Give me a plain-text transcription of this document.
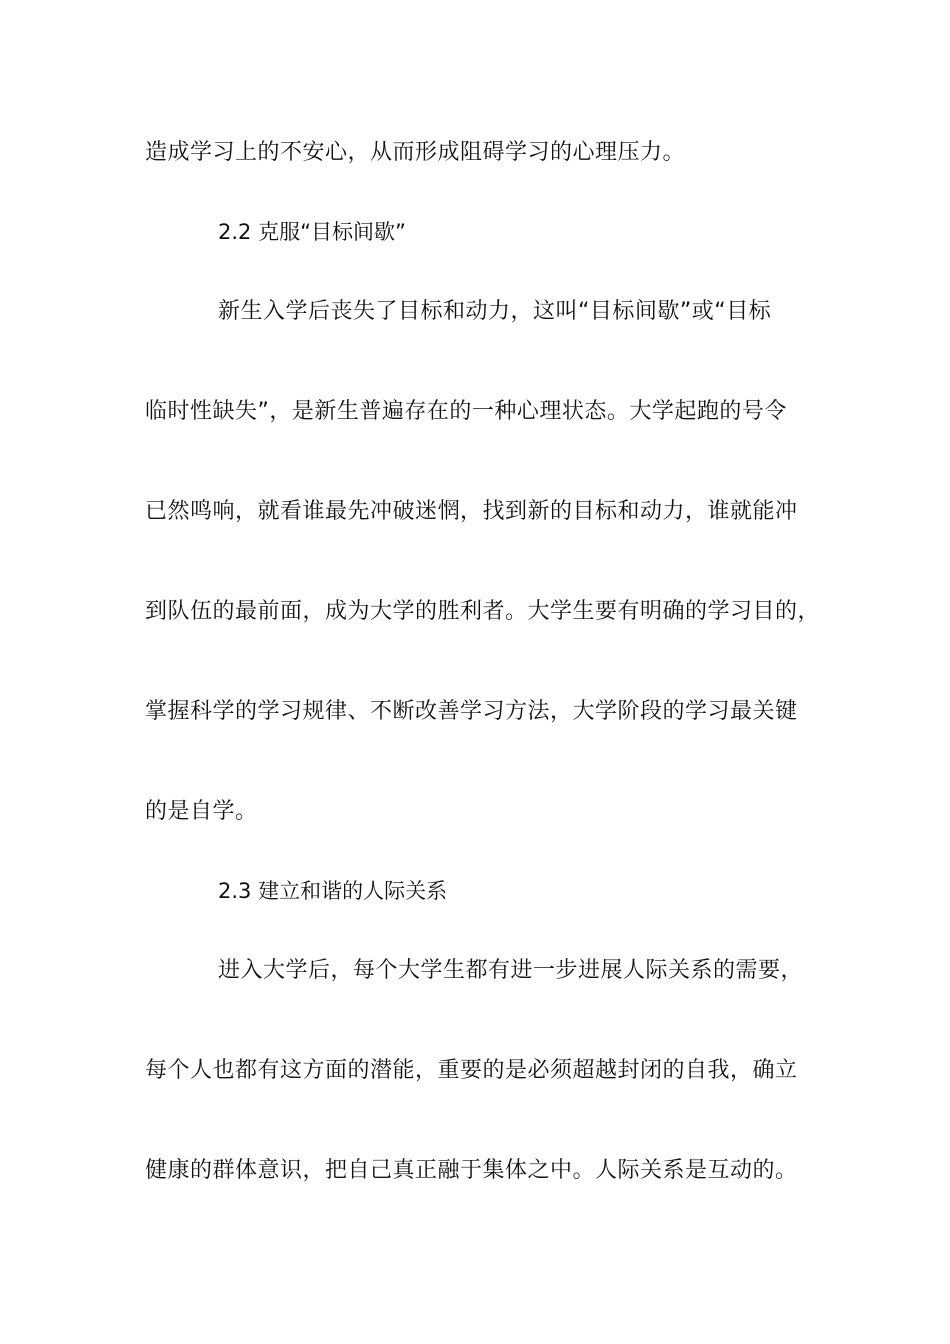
造成学习上的不安心，从而形成阻碍学习的心理压力。
2.2 克服“目标间歇”
新生入学后丧失了目标和动力，这叫“目标间歇”或“目标
临时性缺失”，是新生普遍存在的一种心理状态。大学起跑的号令
已然鸣响，就看谁最先冲破迷惘，找到新的目标和动力，谁就能冲
到队伍的最前面，成为大学的胜利者。大学生要有明确的学习目的，
掌握科学的学习规律、不断改善学习方法，大学阶段的学习最关键
的是自学。
2.3 建立和谐的人际关系
进入大学后，每个大学生都有进一步进展人际关系的需要，
每个人也都有这方面的潜能，重要的是必须超越封闭的自我，确立
健康的群体意识，把自己真正融于集体之中。人际关系是互动的。
